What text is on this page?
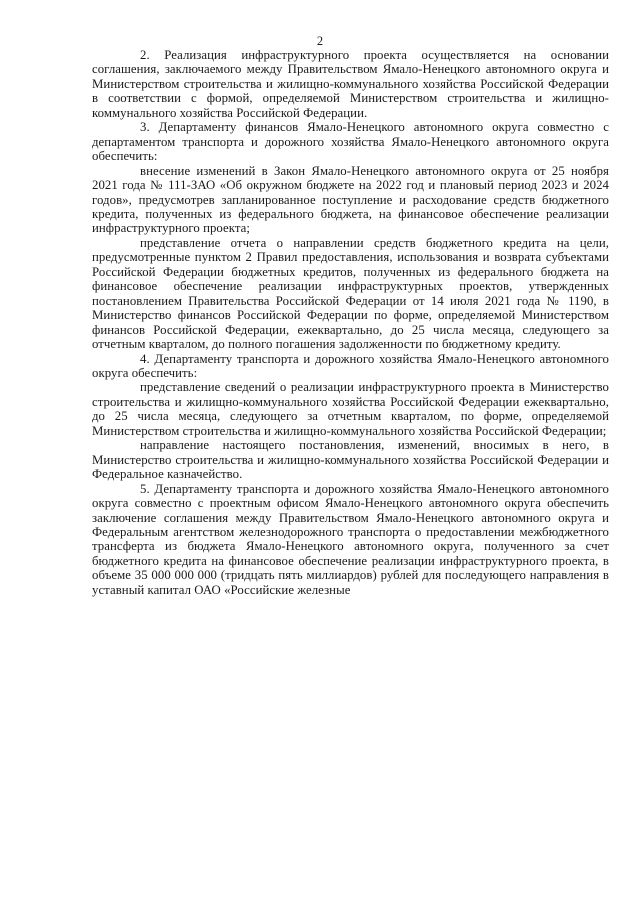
2

2. Реализация инфраструктурного проекта осуществляется на основании соглашения, заключаемого между Правительством Ямало-Ненецкого автономного округа и Министерством строительства и жилищно-коммунального хозяйства Российской Федерации в соответствии с формой, определяемой Министерством строительства и жилищно-коммунального хозяйства Российской Федерации.

3. Департаменту финансов Ямало-Ненецкого автономного округа совместно с департаментом транспорта и дорожного хозяйства Ямало-Ненецкого автономного округа обеспечить:

внесение изменений в Закон Ямало-Ненецкого автономного округа от 25 ноября 2021 года № 111-ЗАО «Об окружном бюджете на 2022 год и плановый период 2023 и 2024 годов», предусмотрев запланированное поступление и расходование средств бюджетного кредита, полученных из федерального бюджета, на финансовое обеспечение реализации инфраструктурного проекта;

представление отчета о направлении средств бюджетного кредита на цели, предусмотренные пунктом 2 Правил предоставления, использования и возврата субъектами Российской Федерации бюджетных кредитов, полученных из федерального бюджета на финансовое обеспечение реализации инфраструктурных проектов, утвержденных постановлением Правительства Российской Федерации от 14 июля 2021 года № 1190, в Министерство финансов Российской Федерации по форме, определяемой Министерством финансов Российской Федерации, ежеквартально, до 25 числа месяца, следующего за отчетным кварталом, до полного погашения задолженности по бюджетному кредиту.

4. Департаменту транспорта и дорожного хозяйства Ямало-Ненецкого автономного округа обеспечить:

представление сведений о реализации инфраструктурного проекта в Министерство строительства и жилищно-коммунального хозяйства Российской Федерации ежеквартально, до 25 числа месяца, следующего за отчетным кварталом, по форме, определяемой Министерством строительства и жилищно-коммунального хозяйства Российской Федерации;

направление настоящего постановления, изменений, вносимых в него, в Министерство строительства и жилищно-коммунального хозяйства Российской Федерации и Федеральное казначейство.

5. Департаменту транспорта и дорожного хозяйства Ямало-Ненецкого автономного округа совместно с проектным офисом Ямало-Ненецкого автономного округа обеспечить заключение соглашения между Правительством Ямало-Ненецкого автономного округа и Федеральным агентством железнодорожного транспорта о предоставлении межбюджетного трансферта из бюджета Ямало-Ненецкого автономного округа, полученного за счет бюджетного кредита на финансовое обеспечение реализации инфраструктурного проекта, в объеме 35 000 000 000 (тридцать пять миллиардов) рублей для последующего направления в уставный капитал ОАО «Российские железные
